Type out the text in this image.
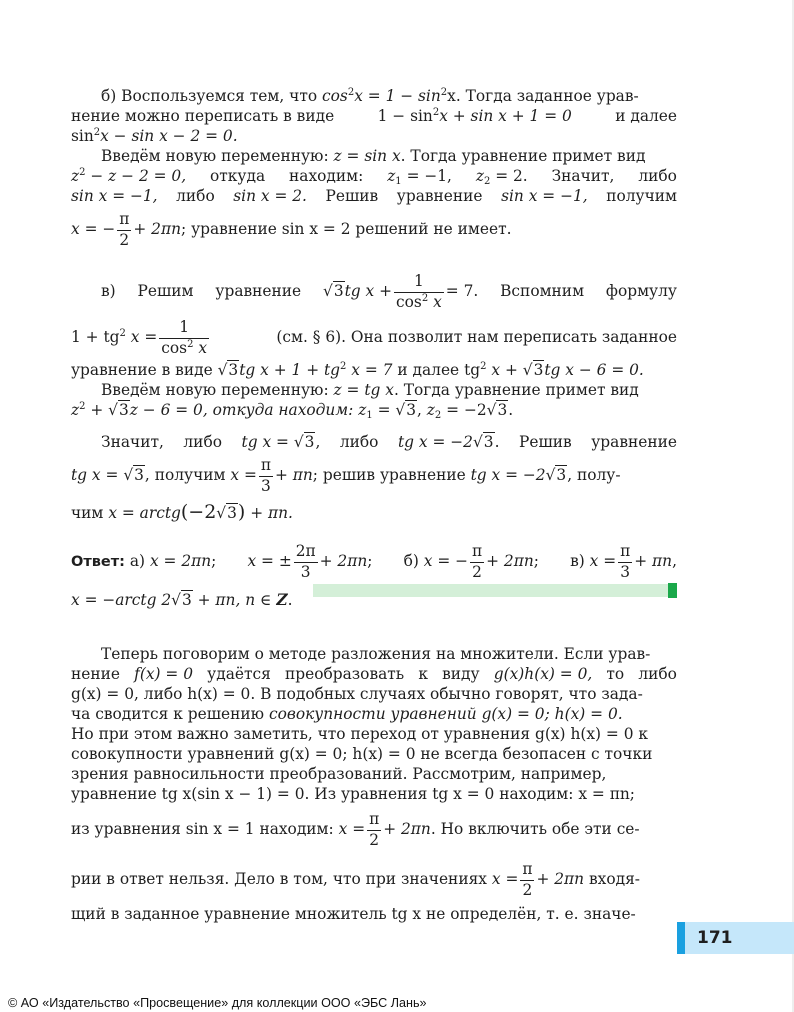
б) Воспользуемся тем, что $\cos^2x = 1 - \sin^2x$. Тогда заданное урав-
нение можно переписать в виде	$1 - \sin^2x + \sin x + 1 = 0$	и далее
$\sin^2x - \sin x - 2 = 0$.
Введём новую переменную: z = sin x. Тогда уравнение примет вид
$z^2 - z - 2 = 0$, откуда находим: $z_1 = -1$, $z_2 = 2$. Значит, либо
sin x = −1, либо sin x = 2. Решив уравнение sin x = −1, получим
x = − $\frac{\pi}{2} + 2\pi n$; уравнение sin x = 2 решений не имеет.
в) Решим уравнение √3tg $x + \frac{1}{\cos^2 x} = 7$. Вспомним формулу
$1 + tg^2$ $x = \frac{1}{\cos^2 x}$	(см. § 6). Она позволит нам переписать заданное
уравнение в виде √3tg $x + 1 + tg^2$ x = 7 и далее $tg^2$ x + √3tg x − 6 = 0.
Введём новую переменную: z = tg x. Тогда уравнение примет вид
$z^2 + √3z - 6 = 0$, откуда находим: $z_1 = √3$, $z_2 = -2√3$.
Значит, либо tg x = √3, либо tg x = −2√3. Решив уравнение
tg x = √3, получим $x = \frac{\pi}{3} + \pi n$; решив уравнение tg x = −2√3, полу-
чим x = arctg(−2√3) + πn.
Ответ: а) x = 2πn; x = ± $\frac{2\pi}{3} + 2\pi n$; б) x = − $\frac{\pi}{2} + 2\pi n$; в) $x = \frac{\pi}{3} + \pi n$,
x = −arctg 2√3 + πn, n ∈ Z.
Теперь поговорим о методе разложения на множители. Если урав-
нение f(x) = 0 удаётся преобразовать к виду g(x)h(x) = 0, то либо
g(x) = 0, либо h(x) = 0. В подобных случаях обычно говорят, что зада-
ча сводится к решению совокупности уравнений g(x) = 0; h(x) = 0.
Но при этом важно заметить, что переход от уравнения g(x) h(x) = 0 к
совокупности уравнений g(x) = 0; h(x) = 0 не всегда безопасен с точки
зрения равносильности преобразований. Рассмотрим, например,
уравнение tg x(sin x − 1) = 0. Из уравнения tg x = 0 находим: x = πn;
из уравнения sin x = 1 находим: $x = \frac{\pi}{2} + 2\pi n$. Но включить обе эти се-
рии в ответ нельзя. Дело в том, что при значениях $x = \frac{\pi}{2} + 2\pi n$ входя-
щий в заданное уравнение множитель tg x не определён, т. е. значе-
171
© АО «Издательство «Просвещение» для коллекции ООО «ЭБС Лань»
